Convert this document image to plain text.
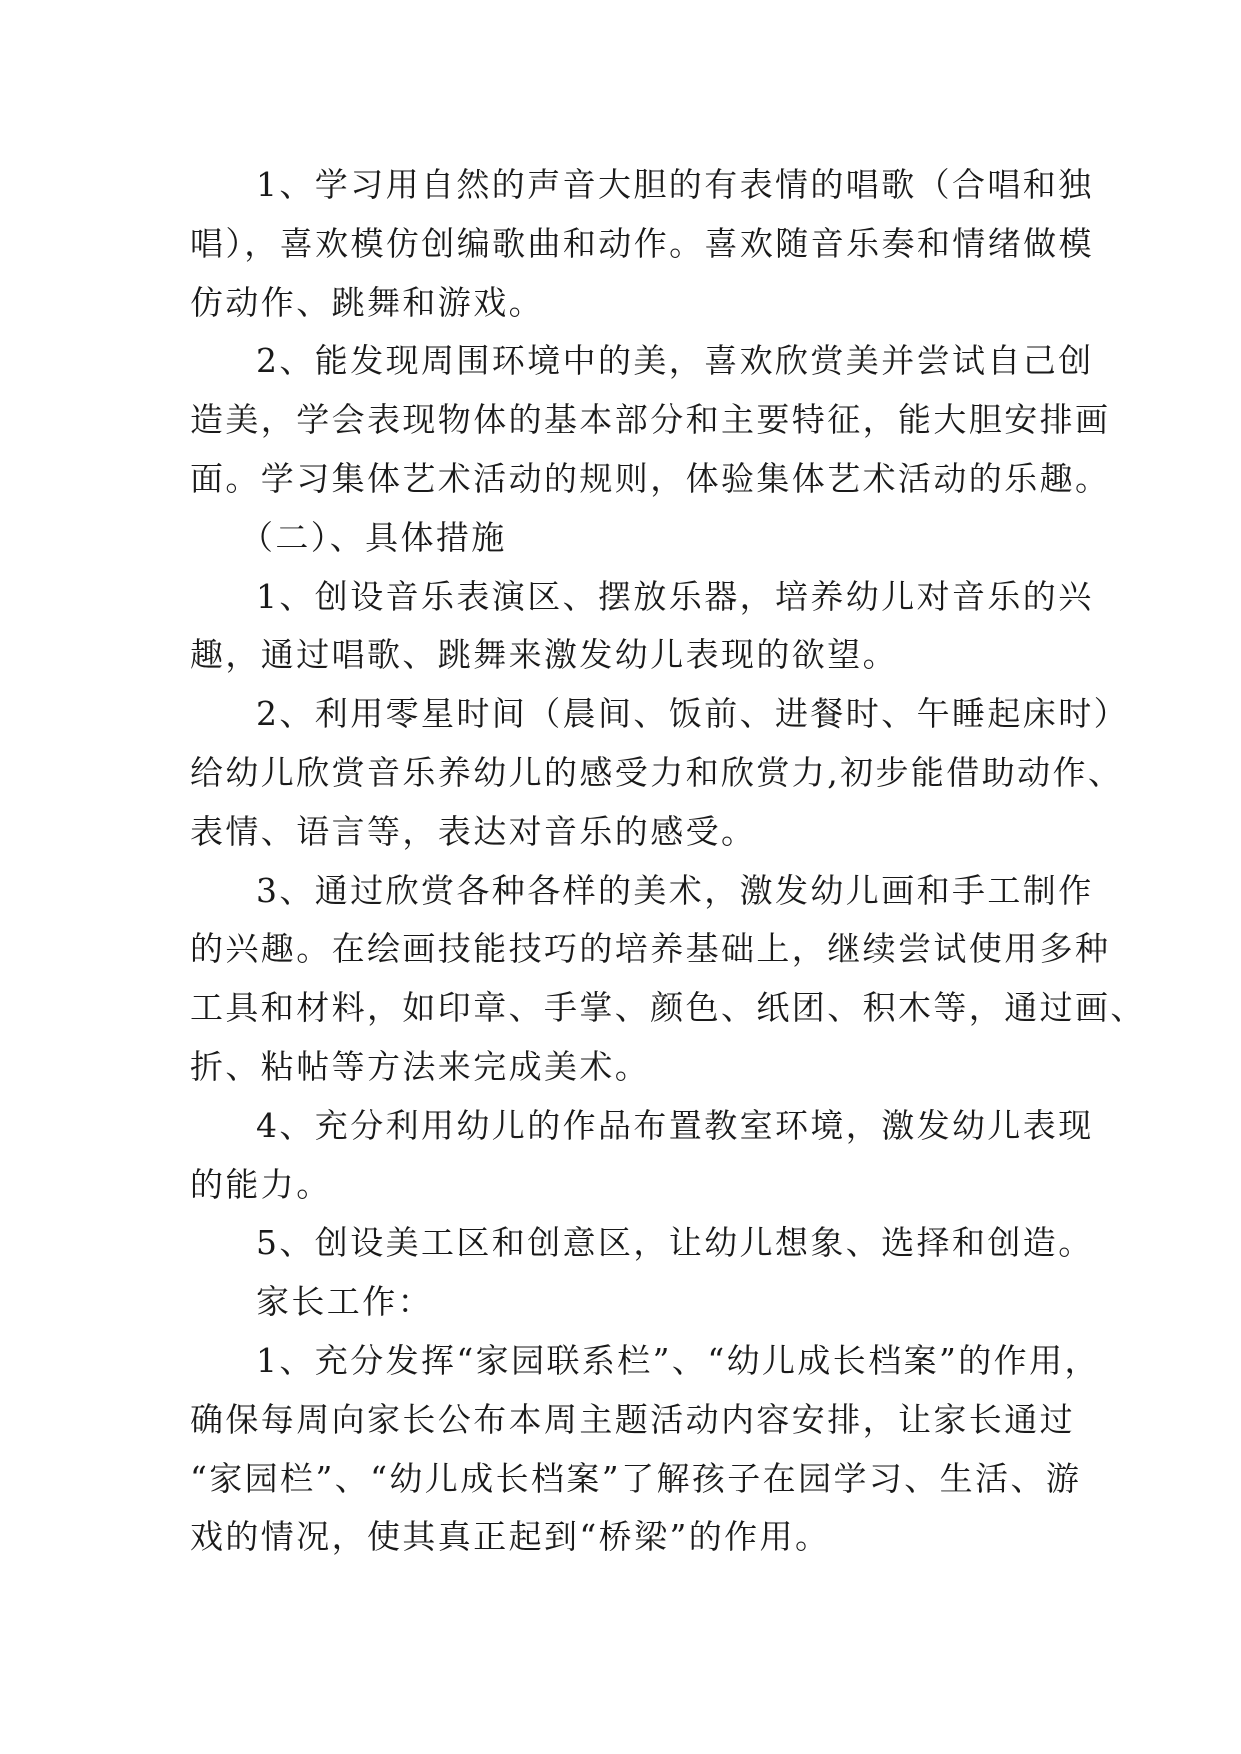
1、学习用自然的声音大胆的有表情的唱歌（合唱和独
唱），喜欢模仿创编歌曲和动作。喜欢随音乐奏和情绪做模
仿动作、跳舞和游戏。
2、能发现周围环境中的美，喜欢欣赏美并尝试自己创
造美，学会表现物体的基本部分和主要特征，能大胆安排画
面。学习集体艺术活动的规则，体验集体艺术活动的乐趣。
（二）、具体措施
1、创设音乐表演区、摆放乐器，培养幼儿对音乐的兴
趣，通过唱歌、跳舞来激发幼儿表现的欲望。
2、利用零星时间（晨间、饭前、进餐时、午睡起床时）
给幼儿欣赏音乐养幼儿的感受力和欣赏力,初步能借助动作、
表情、语言等，表达对音乐的感受。
3、通过欣赏各种各样的美术，激发幼儿画和手工制作
的兴趣。在绘画技能技巧的培养基础上，继续尝试使用多种
工具和材料，如印章、手掌、颜色、纸团、积木等，通过画、
折、粘帖等方法来完成美术。
4、充分利用幼儿的作品布置教室环境，激发幼儿表现
的能力。
5、创设美工区和创意区，让幼儿想象、选择和创造。
家长工作：
1、充分发挥“家园联系栏”、“幼儿成长档案”的作用，
确保每周向家长公布本周主题活动内容安排，让家长通过
“家园栏”、“幼儿成长档案”了解孩子在园学习、生活、游
戏的情况，使其真正起到“桥梁”的作用。
